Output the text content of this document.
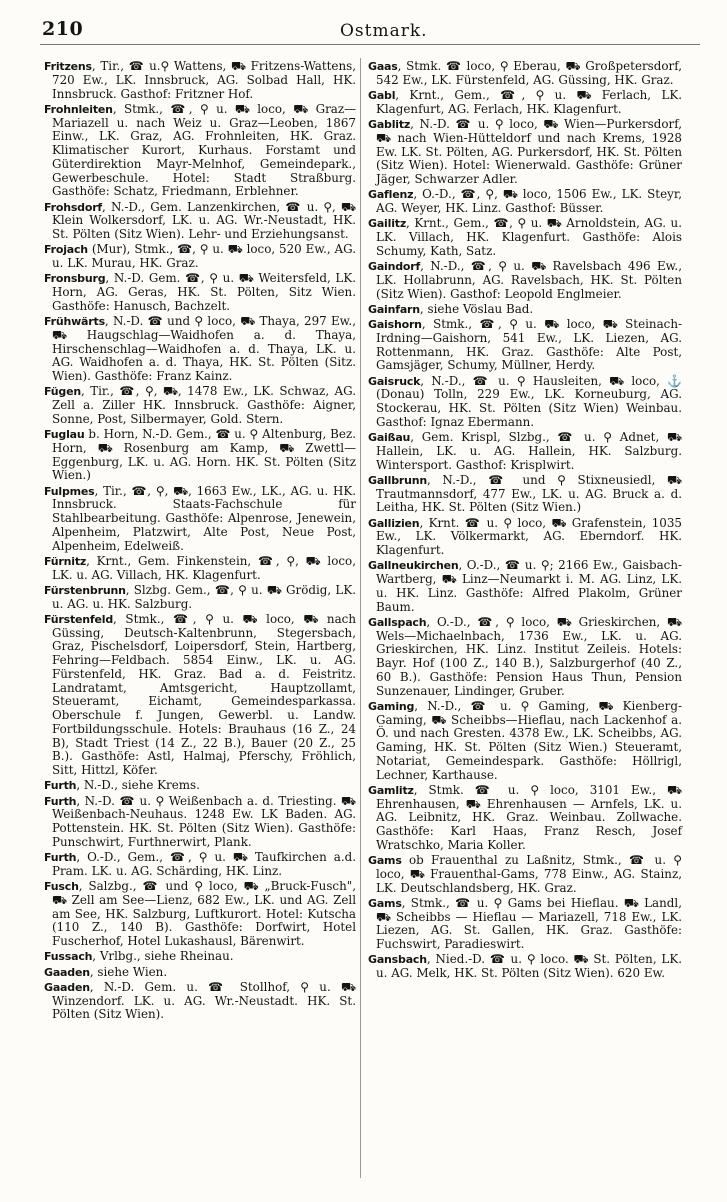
210	Ostmark.

Fritzens, Tir., ☎ u.⚲ Wattens, ⛟ Fritzens-Wattens, 720 Ew., LK. Innsbruck, AG. Solbad Hall, HK. Innsbruck. Gasthof: Fritzner Hof.

Frohnleiten, Stmk., ☎, ⚲ u. ⛟ loco, ⛟ Graz—Mariazell u. nach Weiz u. Graz—Leoben, 1867 Einw., LK. Graz, AG. Frohnleiten, HK. Graz. Klimatischer Kurort, Kurhaus. Forstamt und Güterdirektion Mayr-Melnhof, Gemeindepark., Gewerbeschule. Hotel: Stadt Straßburg. Gasthöfe: Schatz, Friedmann, Erblehner.

Frohsdorf, N.-D., Gem. Lanzenkirchen, ☎ u. ⚲, ⛟ Klein Wolkersdorf, LK. u. AG. Wr.-Neustadt, HK. St. Pölten (Sitz Wien). Lehr- und Erziehungsanst.

Frojach (Mur), Stmk., ☎, ⚲ u. ⛟ loco, 520 Ew., AG. u. LK. Murau, HK. Graz.

Fronsburg, N.-D. Gem. ☎, ⚲ u. ⛟ Weitersfeld, LK. Horn, AG. Geras, HK. St. Pölten, Sitz Wien. Gasthöfe: Hanusch, Bachzelt.

Frühwärts, N.-D. ☎ und ⚲ loco, ⛟ Thaya, 297 Ew., ⛟ Haugschlag—Waidhofen a. d. Thaya, Hirschenschlag—Waidhofen a. d. Thaya, LK. u. AG. Waidhofen a. d. Thaya, HK. St. Pölten (Sitz. Wien). Gasthöfe: Franz Kainz.

Fügen, Tir., ☎, ⚲, ⛟, 1478 Ew., LK. Schwaz, AG. Zell a. Ziller HK. Innsbruck. Gasthöfe: Aigner, Sonne, Post, Silbermayer, Gold. Stern.

Fuglau b. Horn, N.-D. Gem., ☎ u. ⚲ Altenburg, Bez. Horn, ⛟ Rosenburg am Kamp, ⛟ Zwettl—Eggenburg, LK. u. AG. Horn. HK. St. Pölten (Sitz Wien.)

Fulpmes, Tir., ☎, ⚲, ⛟, 1663 Ew., LK., AG. u. HK. Innsbruck. Staats-Fachschule für Stahlbearbeitung. Gasthöfe: Alpenrose, Jenewein, Alpenheim, Platzwirt, Alte Post, Neue Post, Alpenheim, Edelweiß.

Fürnitz, Krnt., Gem. Finkenstein, ☎, ⚲, ⛟ loco, LK. u. AG. Villach, HK. Klagenfurt.

Fürstenbrunn, Slzbg. Gem., ☎, ⚲ u. ⛟ Grödig, LK. u. AG. u. HK. Salzburg.

Fürstenfeld, Stmk., ☎, ⚲ u. ⛟ loco, ⛟ nach Güssing, Deutsch-Kaltenbrunn, Stegersbach, Graz, Pischelsdorf, Loipersdorf, Stein, Hartberg, Fehring—Feldbach. 5854 Einw., LK. u. AG. Fürstenfeld, HK. Graz. Bad a. d. Feistritz. Landratamt, Amtsgericht, Hauptzollamt, Steueramt, Eichamt, Gemeindesparkassa. Oberschule f. Jungen, Gewerbl. u. Landw. Fortbildungsschule. Hotels: Brauhaus (16 Z., 24 B), Stadt Triest (14 Z., 22 B.), Bauer (20 Z., 25 B.). Gasthöfe: Astl, Halmaj, Pferschy, Fröhlich, Sitt, Hittzl, Köfer.

Furth, N.-D., siehe Krems.

Furth, N.-D. ☎ u. ⚲ Weißenbach a. d. Triesting. ⛟ Weißenbach-Neuhaus. 1248 Ew. LK Baden. AG. Pottenstein. HK. St. Pölten (Sitz Wien). Gasthöfe: Punschwirt, Furthnerwirt, Plank.

Furth, O.-D., Gem., ☎, ⚲ u. ⛟ Taufkirchen a.d. Pram. LK. u. AG. Schärding, HK. Linz.

Fusch, Salzbg., ☎ und ⚲ loco, ⛟ „Bruck-Fusch", ⛟ Zell am See—Lienz, 682 Ew., LK. und AG. Zell am See, HK. Salzburg, Luftkurort. Hotel: Kutscha (110 Z., 140 B). Gasthöfe: Dorfwirt, Hotel Fuscherhof, Hotel Lukashausl, Bärenwirt.

Fussach, Vrlbg., siehe Rheinau.

Gaaden, siehe Wien.

Gaaden, N.-D. Gem. u. ☎ Stollhof, ⚲ u. ⛟ Winzendorf. LK. u. AG. Wr.-Neustadt. HK. St. Pölten (Sitz Wien).

Gaas, Stmk. ☎ loco, ⚲ Eberau, ⛟ Großpetersdorf, 542 Ew., LK. Fürstenfeld, AG. Güssing, HK. Graz.

Gabl, Krnt., Gem., ☎, ⚲ u. ⛟ Ferlach, LK. Klagenfurt, AG. Ferlach, HK. Klagenfurt.

Gablitz, N.-D. ☎ u. ⚲ loco, ⛟ Wien—Purkersdorf, ⛟ nach Wien-Hütteldorf und nach Krems, 1928 Ew. LK. St. Pölten, AG. Purkersdorf, HK. St. Pölten (Sitz Wien). Hotel: Wienerwald. Gasthöfe: Grüner Jäger, Schwarzer Adler.

Gaflenz, O.-D., ☎, ⚲, ⛟ loco, 1506 Ew., LK. Steyr, AG. Weyer, HK. Linz. Gasthof: Büsser.

Gailitz, Krnt., Gem., ☎, ⚲ u. ⛟ Arnoldstein, AG. u. LK. Villach, HK. Klagenfurt. Gasthöfe: Alois Schumy, Kath, Satz.

Gaindorf, N.-D., ☎, ⚲ u. ⛟ Ravelsbach 496 Ew., LK. Hollabrunn, AG. Ravelsbach, HK. St. Pölten (Sitz Wien). Gasthof: Leopold Englmeier.

Gainfarn, siehe Vöslau Bad.

Gaishorn, Stmk., ☎, ⚲ u. ⛟ loco, ⛟ Steinach-Irdning—Gaishorn, 541 Ew., LK. Liezen, AG. Rottenmann, HK. Graz. Gasthöfe: Alte Post, Gamsjäger, Schumy, Müllner, Herdy.

Gaisruck, N.-D., ☎ u. ⚲ Hausleiten, ⛟ loco, ⚓ (Donau) Tolln, 229 Ew., LK. Korneuburg, AG. Stockerau, HK. St. Pölten (Sitz Wien) Weinbau. Gasthof: Ignaz Ebermann.

Gaißau, Gem. Krispl, Slzbg., ☎ u. ⚲ Adnet, ⛟ Hallein, LK. u. AG. Hallein, HK. Salzburg. Wintersport. Gasthof: Krisplwirt.

Gallbrunn, N.-D., ☎ und ⚲ Stixneusiedl, ⛟ Trautmannsdorf, 477 Ew., LK. u. AG. Bruck a. d. Leitha, HK. St. Pölten (Sitz Wien.)

Gallizien, Krnt. ☎ u. ⚲ loco, ⛟ Grafenstein, 1035 Ew., LK. Völkermarkt, AG. Eberndorf. HK. Klagenfurt.

Gallneukirchen, O.-D., ☎ u. ⚲; 2166 Ew., Gaisbach-Wartberg, ⛟ Linz—Neumarkt i. M. AG. Linz, LK. u. HK. Linz. Gasthöfe: Alfred Plakolm, Grüner Baum.

Gallspach, O.-D., ☎, ⚲ loco, ⛟ Grieskirchen, ⛟ Wels—Michaelnbach, 1736 Ew., LK. u. AG. Grieskirchen, HK. Linz. Institut Zeileis. Hotels: Bayr. Hof (100 Z., 140 B.), Salzburgerhof (40 Z., 60 B.). Gasthöfe: Pension Haus Thun, Pension Sunzenauer, Lindinger, Gruber.

Gaming, N.-D., ☎ u. ⚲ Gaming, ⛟ Kienberg-Gaming, ⛟ Scheibbs—Hieflau, nach Lackenhof a. Ö. und nach Gresten. 4378 Ew., LK. Scheibbs, AG. Gaming, HK. St. Pölten (Sitz Wien.) Steueramt, Notariat, Gemeindespark. Gasthöfe: Höllrigl, Lechner, Karthause.

Gamlitz, Stmk. ☎ u. ⚲ loco, 3101 Ew., ⛟ Ehrenhausen, ⛟ Ehrenhausen — Arnfels, LK. u. AG. Leibnitz, HK. Graz. Weinbau. Zollwache. Gasthöfe: Karl Haas, Franz Resch, Josef Wratschko, Maria Koller.

Gams ob Frauenthal zu Laßnitz, Stmk., ☎ u. ⚲ loco, ⛟ Frauenthal-Gams, 778 Einw., AG. Stainz, LK. Deutschlandsberg, HK. Graz.

Gams, Stmk., ☎ u. ⚲ Gams bei Hieflau. ⛟ Landl, ⛟ Scheibbs — Hieflau — Mariazell, 718 Ew., LK. Liezen, AG. St. Gallen, HK. Graz. Gasthöfe: Fuchswirt, Paradieswirt.

Gansbach, Nied.-D. ☎ u. ⚲ loco. ⛟ St. Pölten, LK. u. AG. Melk, HK. St. Pölten (Sitz Wien). 620 Ew.
